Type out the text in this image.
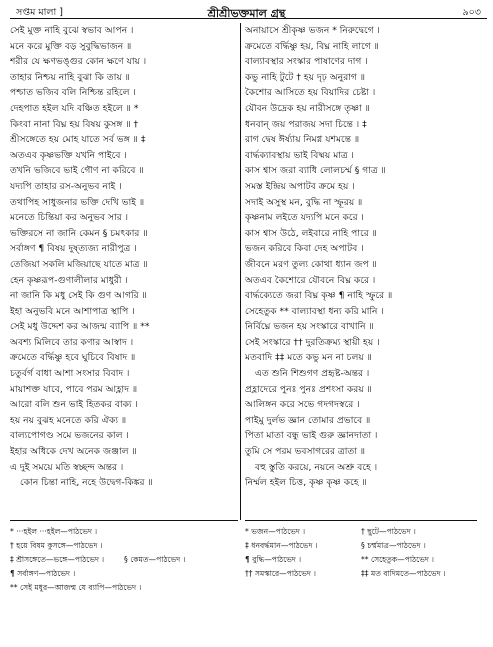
সপ্তম মালা ]	শ্রীশ্রীভক্তমাল গ্রন্থ	৯০৩
সেই মুক্ত নাহি বুঝে স্বভাব আপন ।
মনে করে মুক্তি বড় সুবুদ্ধিভাজন ॥
শরীর যে ক্ষণভঙ্গুর কোন ক্ষণে যায় ।
তাহার নিশ্চয় নাহি বুঝা কি তায় ॥
পশ্চাত ভজিব বলি নিশ্চিন্ত রহিলে ।
দেহপাত হইল যদি বঞ্চিত হইলে ॥ *
কিংবা নানা বিঘ্ন হয় বিষয় কুসঙ্গ ॥ †
শ্রীসঙ্গেতে হয় মোহ যাতে সর্ব ভঙ্গ ॥ ‡
অতএব কৃষ্ণভক্তি যখনি পাইবে ।
তখনি ভজিবে ভাই গৌণ না করিবে ॥
যদ্যপি তাহার রস-অনুভব নাই ।
তথাপিহ সাধুজনার ভক্তি দেখি ভাই ॥
মনেতে চিন্তিয়া কর অনুভব সার ।
ভক্তিরসে না জানি কেমন § চমৎকার ॥
সর্বাঙ্গণ ¶ বিষয় দুষ্ত্যজ্য নারীপুত্র ।
তেজিয়া সকলি মজিয়াছে যাতে মাত্র ॥
হেন কৃষ্ণরূপ-গুণালীলার মাধুরী ।
না জানি কি মধু সেই কি গুণ আগরি ॥
ইহা অনুভবি মনে আশাপাত্র স্থাপি ।
সেই মধু উদ্দেশ কর আজন্ম ব্যাপি ॥ **
অবশ্য মিলিবে তার কণার আস্বাদ ।
ক্রমেতে বর্দ্ধিষ্ণু হবে ঘুচিবে বিষাদ ॥
চতুর্বর্গ বাধা আশা সংসার বিবাদ ।
মায়াশক্ত যাবে, পাবে পরম আহ্লাদ ॥
আরো বলি শুন ভাই হিতকর বাক্য ।
হয় নয় বুঝহ মনেতে করি ঐক্য ॥
বাল্যপোগণ্ড সমে ভজনের কাল ।
ইহার অধিকে দেখ অনেক জঞ্জাল ॥
এ দুই সময়ে মতি স্বচ্ছন্দ অন্তর ।
কোন চিন্তা নাহি, নহে উদ্বেগ-কিঙ্কর ॥
অনায়াসে শ্রীকৃষ্ণ ভজন * নিরুদ্বেগে ।
ক্রমেতে বর্দ্ধিষ্ণু হয়, বিঘ্ন নাহি লাগে ॥
বাল্যাবস্থার সংস্কার পাষাণের দাগ ।
কভু নাহি টুটে † হয় দৃঢ় অনুরাগ ॥
কৈশোর আসিতে হয় বিয়াদির চেষ্টা ।
যৌবন উদ্রেক হয় নারীসঙ্গে তৃষ্ণা ॥
ধনবান্ জয় পরাজয় সদা চিন্তে । ‡
রাগ দ্বেষ ঈর্ষ্যায় নিমগ্ন যশমন্তে ॥
বার্দ্ধক্যাবস্থায় ভাই বিষ্ময় মাত্র ।
কাস শ্বাস জরা ব্যাধি লোলচর্ম্ম § গাত্র ॥
সমস্ত ইন্দ্রিয় অপাটব ক্রমে হয় ।
সদাই অসুস্থ মন, বুদ্ধি না স্ফূরয় ॥
কৃষ্ণনাম লইতে যদ্যপি মনে করে ।
কাস শ্বাস উঠে, লইবারে নাহি পারে ॥
ভজন করিবে কিবা দেহ অপাটব ।
জীবনে মরণ তুল্য কোথা ধ্যান জপ ॥
অতএব কৈশোরে যৌবনে বিঘ্ন করে ।
বার্দ্ধক্যেতে জরা বিঘ্ন কৃষ্ণ ¶ নাহি স্ফুরে ॥
সেহেতুক ** বাল্যাবস্থা ধন্য করি মানি ।
নির্বিঘ্নে ভজন হয় সংস্কারে বাখানি ॥
সেই সংস্কারে †† দুরতিক্রম্য স্থায়ী হয় ।
মতবাদি ‡‡ মতে কভু মন না চলয় ॥
এত শুনি শিশুগণ প্রহৃষ্ট-অন্তর ।
প্রহ্লাদেরে পুনঃ পুনঃ প্রশংসা করয় ॥
আলিঙ্গন করে সভে গদগদস্বরে ।
পাইমু দুর্লভ জ্ঞান তোমার প্রভাবে ॥
পিতা মাতা বন্ধু ভাই গুরু জ্ঞানদাতা ।
তুমি সে পরম ভবসাগরের ত্রাতা ॥
বহু স্তুতি করয়ে, নয়নে অশ্রু বহে ।
নিৰ্ম্মল হইল চিত্ত, কৃষ্ণ কৃষ্ণ কহে ॥
* ···হইল ···হইল—পাঠভেদ ।
† হয়ে বিষম কুসঙ্গে—পাঠভেদ ।
‡ শ্রীসঙ্গেতে—ভঙ্গে—পাঠভেদ ।	§ কেমত—পাঠভেদ ।
¶ সর্বাঙ্গণ—পাঠভেদ ।
** সেই মধুর—আজন্ম যে ব্যাপি—পাঠভেদ ।
* ভজন—পাঠভেদ ।	† ছুটে—পাঠভেদ ।
‡ ধনবৰ্দ্ধমান—পাঠভেদ ।	§ চর্ম্মমাত্র—পাঠভেদ ।
¶ বুদ্ধি—পাঠভেদ ।	** সেহেতুক—পাঠভেদ ।
†† সমস্কারে—পাঠভেদ ।	‡‡ মত বাদিমতে—পাঠভেদ ।
